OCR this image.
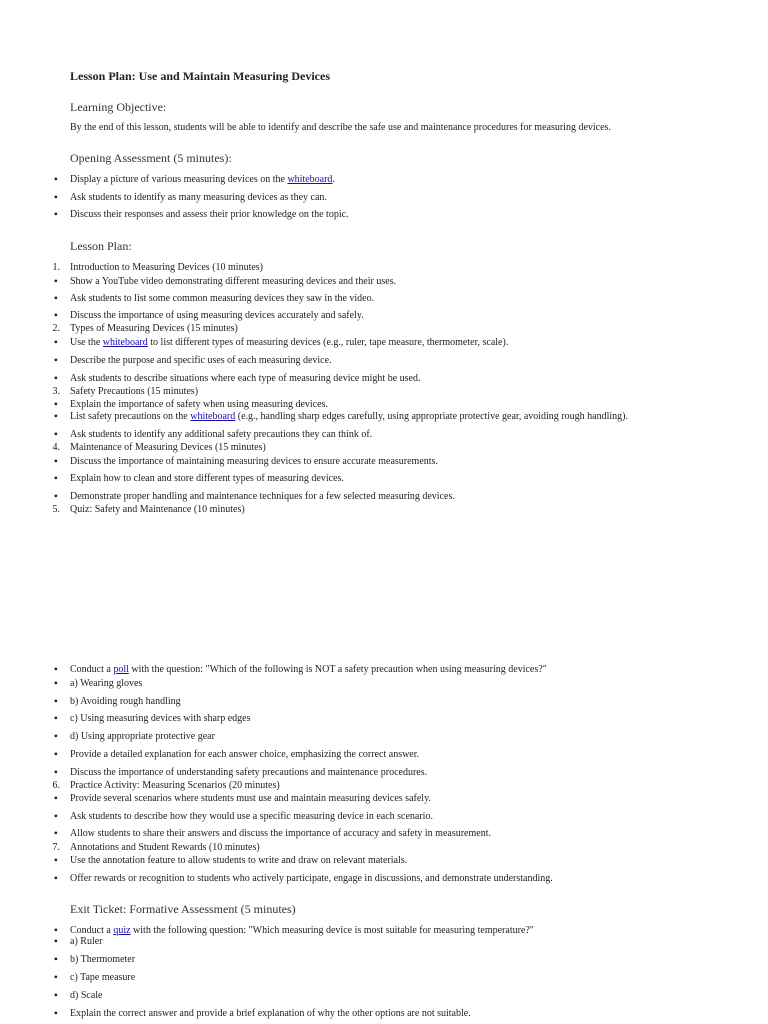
Lesson Plan: Use and Maintain Measuring Devices
Learning Objective:
By the end of this lesson, students will be able to identify and describe the safe use and maintenance procedures for measuring devices.
Opening Assessment (5 minutes):
Lesson Plan:
Exit Ticket: Formative Assessment (5 minutes)
• Display a picture of various measuring devices on the whiteboard.
• Ask students to identify as many measuring devices as they can.
• Discuss their responses and assess their prior knowledge on the topic.
1. Introduction to Measuring Devices (10 minutes)
• Show a YouTube video demonstrating different measuring devices and their uses.
• Ask students to list some common measuring devices they saw in the video.
• Discuss the importance of using measuring devices accurately and safely.
2. Types of Measuring Devices (15 minutes)
• Use the whiteboard to list different types of measuring devices (e.g., ruler, tape measure, thermometer, scale).
• Describe the purpose and specific uses of each measuring device.
• Ask students to describe situations where each type of measuring device might be used.
3. Safety Precautions (15 minutes)
• Explain the importance of safety when using measuring devices.
• List safety precautions on the whiteboard (e.g., handling sharp edges carefully, using appropriate protective gear, avoiding rough handling).
• Ask students to identify any additional safety precautions they can think of.
4. Maintenance of Measuring Devices (15 minutes)
• Discuss the importance of maintaining measuring devices to ensure accurate measurements.
• Explain how to clean and store different types of measuring devices.
• Demonstrate proper handling and maintenance techniques for a few selected measuring devices.
5. Quiz: Safety and Maintenance (10 minutes)
• Conduct a poll with the question: "Which of the following is NOT a safety precaution when using measuring devices?"
• a) Wearing gloves
• b) Avoiding rough handling
• c) Using measuring devices with sharp edges
• d) Using appropriate protective gear
• Provide a detailed explanation for each answer choice, emphasizing the correct answer.
• Discuss the importance of understanding safety precautions and maintenance procedures.
6. Practice Activity: Measuring Scenarios (20 minutes)
• Provide several scenarios where students must use and maintain measuring devices safely.
• Ask students to describe how they would use a specific measuring device in each scenario.
• Allow students to share their answers and discuss the importance of accuracy and safety in measurement.
7. Annotations and Student Rewards (10 minutes)
• Use the annotation feature to allow students to write and draw on relevant materials.
• Offer rewards or recognition to students who actively participate, engage in discussions, and demonstrate understanding.
• Conduct a quiz with the following question: "Which measuring device is most suitable for measuring temperature?"
• a) Ruler
• b) Thermometer
• c) Tape measure
• d) Scale
• Explain the correct answer and provide a brief explanation of why the other options are not suitable.
